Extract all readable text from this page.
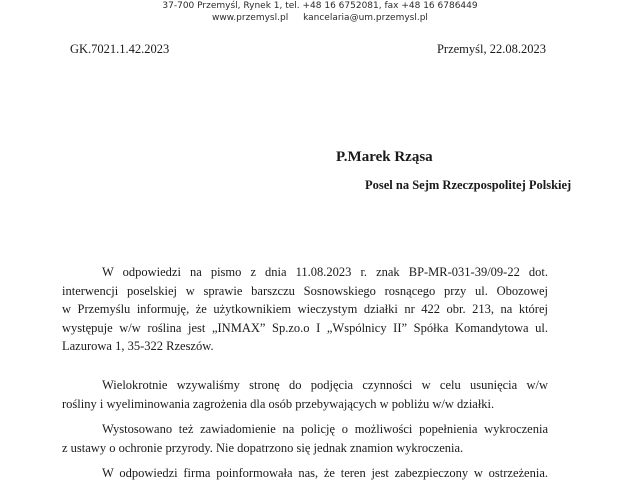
37-700 Przemyśl, Rynek 1, tel. +48 16 6752081, fax +48 16 6786449
www.przemysl.pl kancelaria@um.przemysl.pl
GK.7021.1.42.2023	Przemyśl, 22.08.2023
P.Marek Rząsa
Posel na Sejm Rzeczpospolitej Polskiej
W odpowiedzi na pismo z dnia 11.08.2023 r. znak BP-MR-031-39/09-22 dot.
interwencji poselskiej w sprawie barszczu Sosnowskiego rosnącego przy ul. Obozowej
w Przemyślu informuję, że użytkownikiem wieczystym działki nr 422 obr. 213, na której
występuje w/w roślina jest „INMAX” Sp.zo.o I „Wspólnicy II” Spółka Komandytowa ul.
Lazurowa 1, 35-322 Rzeszów.
Wielokrotnie wzywaliśmy stronę do podjęcia czynności w celu usunięcia w/w
rośliny i wyeliminowania zagrożenia dla osób przebywających w pobliżu w/w działki.
Wystosowano też zawiadomienie na policję o możliwości popełnienia wykroczenia
z ustawy o ochronie przyrody. Nie dopatrzono się jednak znamion wykroczenia.
W odpowiedzi firma poinformowała nas, że teren jest zabezpieczony w ostrzeżenia.
